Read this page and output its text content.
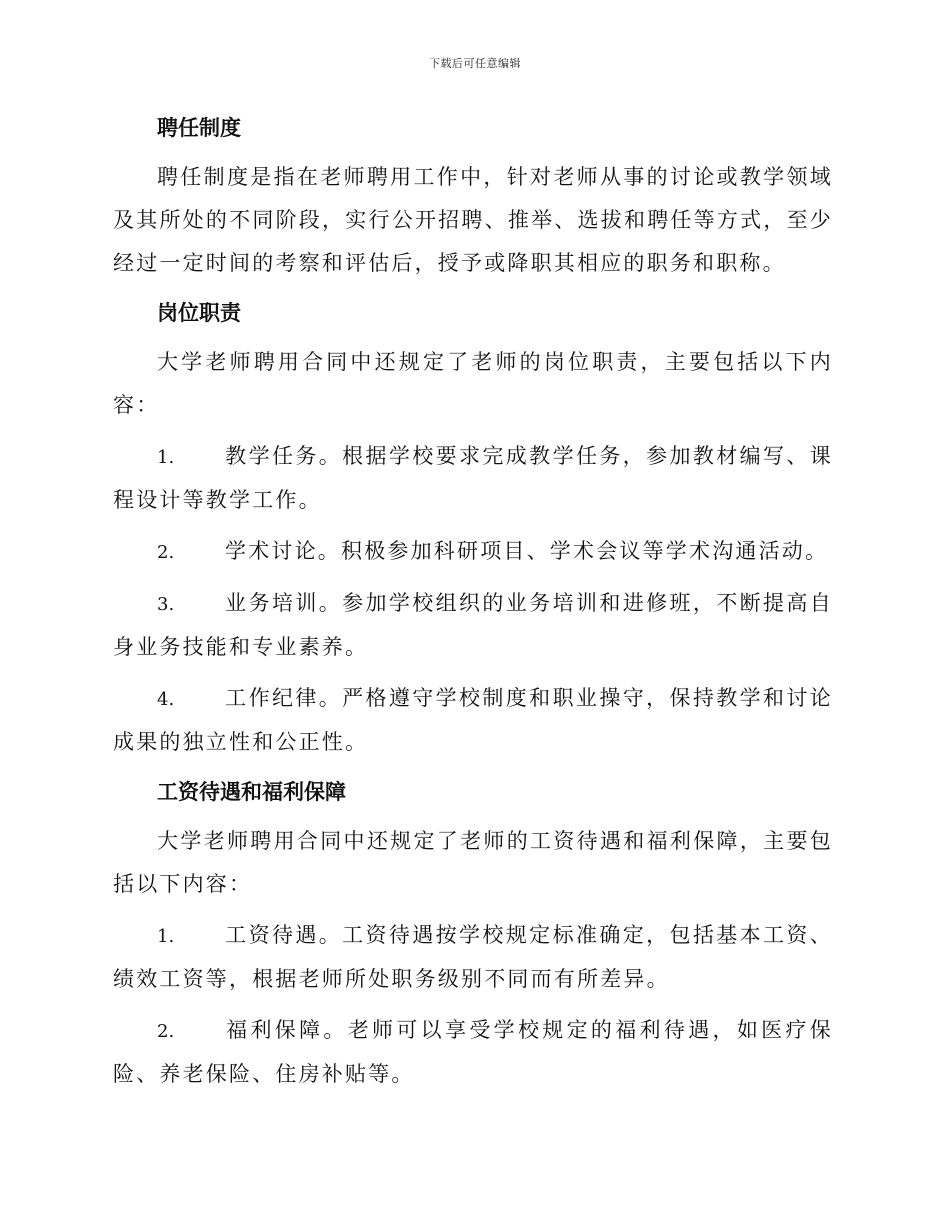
下载后可任意编辑
聘任制度

聘任制度是指在老师聘用工作中，针对老师从事的讨论或教学领域及其所处的不同阶段，实行公开招聘、推举、选拔和聘任等方式，至少经过一定时间的考察和评估后，授予或降职其相应的职务和职称。

岗位职责

大学老师聘用合同中还规定了老师的岗位职责，主要包括以下内容：

1. 教学任务。根据学校要求完成教学任务，参加教材编写、课程设计等教学工作。

2. 学术讨论。积极参加科研项目、学术会议等学术沟通活动。

3. 业务培训。参加学校组织的业务培训和进修班，不断提高自身业务技能和专业素养。

4. 工作纪律。严格遵守学校制度和职业操守，保持教学和讨论成果的独立性和公正性。

工资待遇和福利保障

大学老师聘用合同中还规定了老师的工资待遇和福利保障，主要包括以下内容：

1. 工资待遇。工资待遇按学校规定标准确定，包括基本工资、绩效工资等，根据老师所处职务级别不同而有所差异。

2. 福利保障。老师可以享受学校规定的福利待遇，如医疗保险、养老保险、住房补贴等。
